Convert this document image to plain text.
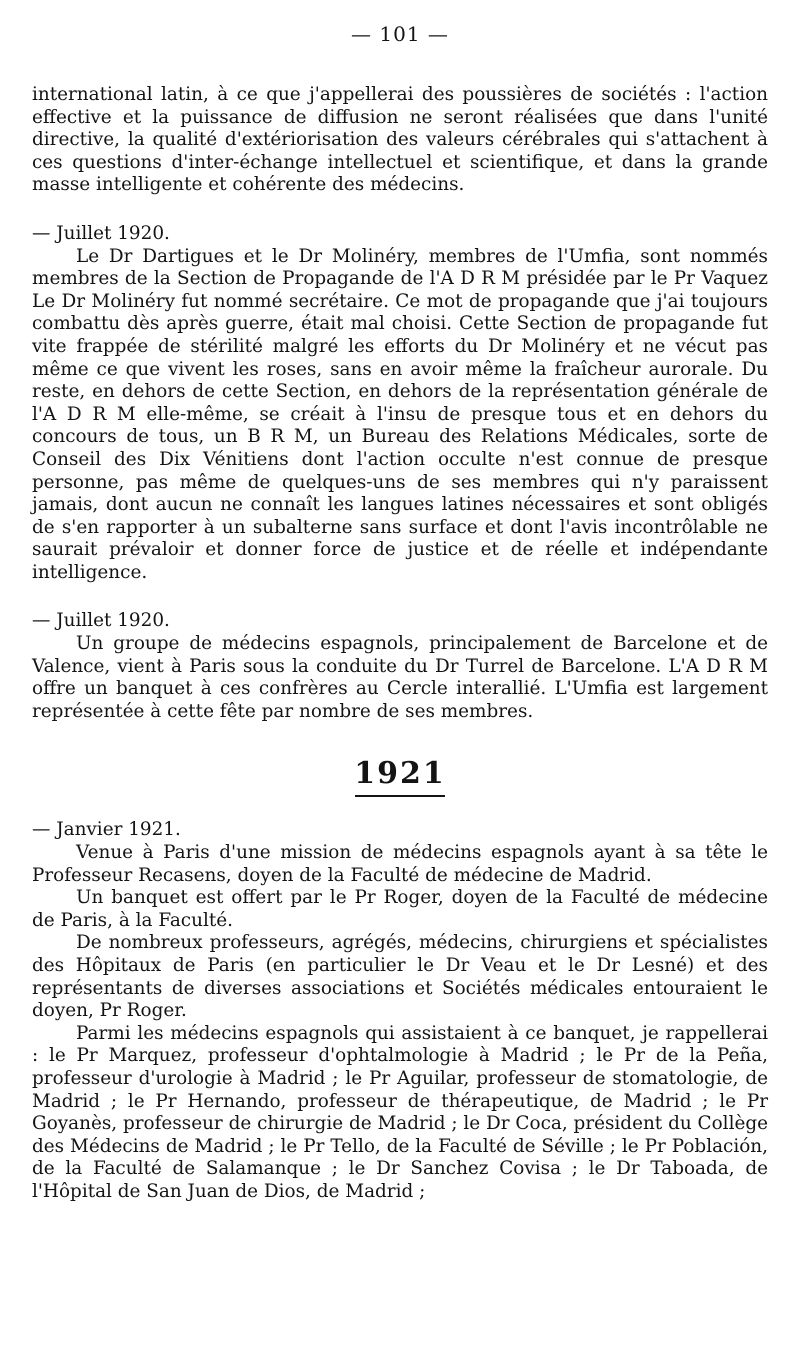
— 101 —

international latin, à ce que j'appellerai des poussières de sociétés : l'action effective et la puissance de diffusion ne seront réalisées que dans l'unité directive, la qualité d'extériorisation des valeurs cérébrales qui s'attachent à ces questions d'inter-échange intellectuel et scientifique, et dans la grande masse intelligente et cohérente des médecins.

— Juillet 1920.

Le Dr Dartigues et le Dr Molinéry, membres de l'Umfia, sont nommés membres de la Section de Propagande de l'A D R M présidée par le Pr Vaquez Le Dr Molinéry fut nommé secrétaire. Ce mot de propagande que j'ai toujours combattu dès après guerre, était mal choisi. Cette Section de propagande fut vite frappée de stérilité malgré les efforts du Dr Molinéry et ne vécut pas même ce que vivent les roses, sans en avoir même la fraîcheur aurorale. Du reste, en dehors de cette Section, en dehors de la représentation générale de l'A D R M elle-même, se créait à l'insu de presque tous et en dehors du concours de tous, un B R M, un Bureau des Relations Médicales, sorte de Conseil des Dix Vénitiens dont l'action occulte n'est connue de presque personne, pas même de quelques-uns de ses membres qui n'y paraissent jamais, dont aucun ne connaît les langues latines nécessaires et sont obligés de s'en rapporter à un subalterne sans surface et dont l'avis incontrôlable ne saurait prévaloir et donner force de justice et de réelle et indépendante intelligence.

— Juillet 1920.

Un groupe de médecins espagnols, principalement de Barcelone et de Valence, vient à Paris sous la conduite du Dr Turrel de Barcelone. L'A D R M offre un banquet à ces confrères au Cercle interallié. L'Umfia est largement représentée à cette fête par nombre de ses membres.

1921
— Janvier 1921.

Venue à Paris d'une mission de médecins espagnols ayant à sa tête le Professeur Recasens, doyen de la Faculté de médecine de Madrid.

Un banquet est offert par le Pr Roger, doyen de la Faculté de médecine de Paris, à la Faculté.

De nombreux professeurs, agrégés, médecins, chirurgiens et spécialistes des Hôpitaux de Paris (en particulier le Dr Veau et le Dr Lesné) et des représentants de diverses associations et Sociétés médicales entouraient le doyen, Pr Roger.

Parmi les médecins espagnols qui assistaient à ce banquet, je rappellerai : le Pr Marquez, professeur d'ophtalmologie à Madrid ; le Pr de la Peña, professeur d'urologie à Madrid ; le Pr Aguilar, professeur de stomatologie, de Madrid ; le Pr Hernando, professeur de thérapeutique, de Madrid ; le Pr Goyanès, professeur de chirurgie de Madrid ; le Dr Coca, président du Collège des Médecins de Madrid ; le Pr Tello, de la Faculté de Séville ; le Pr Población, de la Faculté de Salamanque ; le Dr Sanchez Covisa ; le Dr Taboada, de l'Hôpital de San Juan de Dios, de Madrid ;
